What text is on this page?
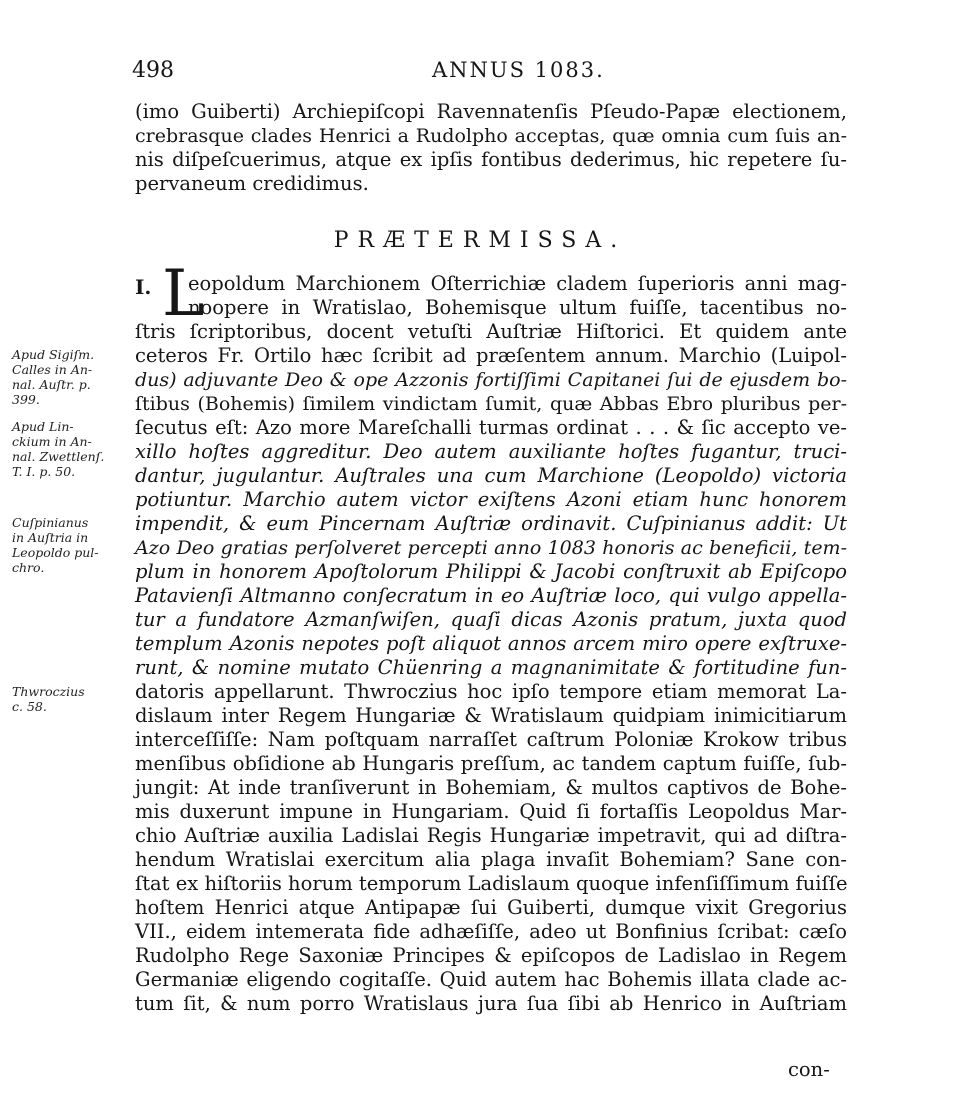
498	ANNUS 1083.
(imo Guiberti) Archiepiſcopi Ravennatenſis Pſeudo-Papæ electionem,
crebrasque clades Henrici a Rudolpho acceptas, quæ omnia cum ſuis an-
nis diſpeſcuerimus, atque ex ipſis fontibus dederimus, hic repetere ſu-
pervaneum credidimus.
PRÆTERMISSA.
I. L
eopoldum Marchionem Oſterrichiæ cladem ſuperioris anni mag-
noopere in Wratislao, Bohemisque ultum fuiſſe, tacentibus no-
ſtris ſcriptoribus, docent vetuſti Auſtriæ Hiſtorici. Et quidem ante
ceteros Fr. Ortilo hæc ſcribit ad præſentem annum. Marchio (Luipol-
dus) adjuvante Deo & ope Azzonis fortiſſimi Capitanei ſui de ejusdem bo-
ſtibus (Bohemis) ſimilem vindictam ſumit, quæ Abbas Ebro pluribus per-
ſecutus eſt: Azo more Mareſchalli turmas ordinat . . . & ſic accepto ve-
xillo hoſtes aggreditur. Deo autem auxiliante hoſtes fugantur, truci-
dantur, jugulantur. Auſtrales una cum Marchione (Leopoldo) victoria
potiuntur. Marchio autem victor exiſtens Azoni etiam hunc honorem
impendit, & eum Pincernam Auſtriæ ordinavit. Cuſpinianus addit: Ut
Azo Deo gratias perſolveret percepti anno 1083 honoris ac beneficii, tem-
plum in honorem Apoſtolorum Philippi & Jacobi conſtruxit ab Epiſcopo
Patavienſi Altmanno conſecratum in eo Auſtriæ loco, qui vulgo appella-
tur a fundatore Azmanſwiſen, quaſi dicas Azonis pratum, juxta quod
templum Azonis nepotes poſt aliquot annos arcem miro opere exſtruxe-
runt, & nomine mutato Chüenring a magnanimitate & fortitudine fun-
datoris appellarunt. Thwroczius hoc ipſo tempore etiam memorat La-
dislaum inter Regem Hungariæ & Wratislaum quidpiam inimicitiarum
interceſſiſſe: Nam poſtquam narraſſet caſtrum Poloniæ Krokow tribus
menſibus obſidione ab Hungaris preſſum, ac tandem captum fuiſſe, ſub-
jungit: At inde tranſiverunt in Bohemiam, & multos captivos de Bohe-
mis duxerunt impune in Hungariam. Quid ſi fortaſſis Leopoldus Mar-
chio Auſtriæ auxilia Ladislai Regis Hungariæ impetravit, qui ad diſtra-
hendum Wratislai exercitum alia plaga invaſit Bohemiam? Sane con-
ſtat ex hiſtoriis horum temporum Ladislaum quoque infenſiſſimum fuiſſe
hoſtem Henrici atque Antipapæ ſui Guiberti, dumque vixit Gregorius
VII., eidem intemerata fide adhæſiſſe, adeo ut Bonfinius ſcribat: cæſo
Rudolpho Rege Saxoniæ Principes & epiſcopos de Ladislao in Regem
Germaniæ eligendo cogitaſſe. Quid autem hac Bohemis illata clade ac-
tum ſit, & num porro Wratislaus jura ſua ſibi ab Henrico in Auſtriam
con-
Apud Sigiſm.
Calles in An-
nal. Auſtr. p.
399.
Apud Lin-
ckium in An-
nal. Zwettlenſ.
T. I. p. 50.
Cuſpinianus
in Auſtria in
Leopoldo pul-
chro.
Thwroczius
c. 58.
